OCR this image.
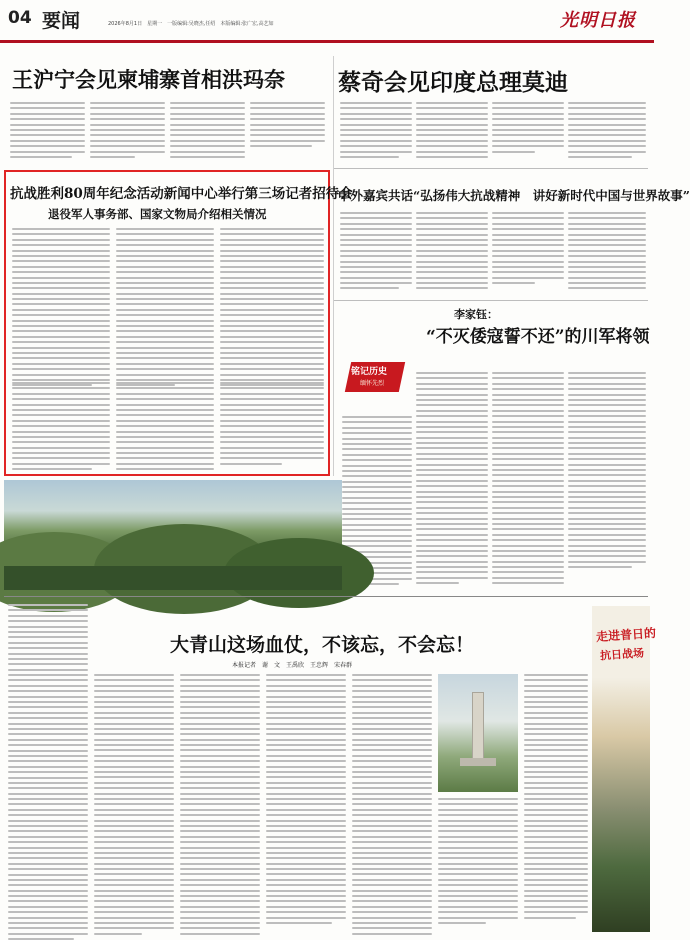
04 要闻	2026年8月1日　星期一　一版编辑:吴晓杰,任绍　本版编辑:张广宏,高艺如	光明日报
王沪宁会见柬埔寨首相洪玛奈 蔡奇会见印度总理莫迪
抗战胜利80周年纪念活动新闻中心举行第三场记者招待会
退役军人事务部、国家文物局介绍相关情况
中外嘉宾共话“弘扬伟大抗战精神　讲好新时代中国与世界故事”
李家钰：
“不灭倭寇誓不还”的川军将领
铭记历史
缅怀先烈
大青山这场血仗，不该忘，不会忘！
本报记者　谢　文　王禹欣　王忠辉　宋春群
走进普日的
抗日战场
